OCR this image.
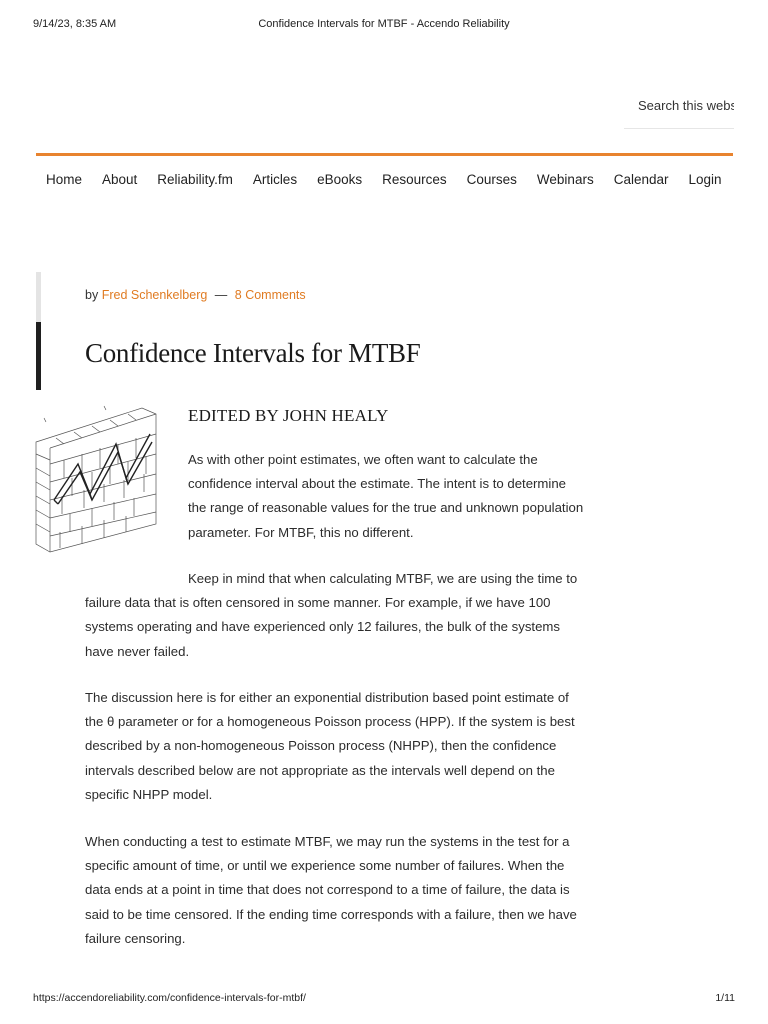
9/14/23, 8:35 AM	Confidence Intervals for MTBF - Accendo Reliability
Search this website
Home	About	Reliability.fm	Articles	eBooks	Resources	Courses	Webinars	Calendar	Login
by Fred Schenkelberg — 8 Comments
Confidence Intervals for MTBF
EDITED BY JOHN HEALY

As with other point estimates, we often want to calculate the confidence interval about the estimate. The intent is to determine the range of reasonable values for the true and unknown population parameter. For MTBF, this no different.

Keep in mind that when calculating MTBF, we are using the time to failure data that is often censored in some manner. For example, if we have 100 systems operating and have experienced only 12 failures, the bulk of the systems have never failed.

The discussion here is for either an exponential distribution based point estimate of the θ parameter or for a homogeneous Poisson process (HPP). If the system is best described by a non-homogeneous Poisson process (NHPP), then the confidence intervals described below are not appropriate as the intervals well depend on the specific NHPP model.

When conducting a test to estimate MTBF, we may run the systems in the test for a specific amount of time, or until we experience some number of failures. When the data ends at a point in time that does not correspond to a time of failure, the data is said to be time censored. If the ending time corresponds with a failure, then we have failure censoring.

https://accendoreliability.com/confidence-intervals-for-mtbf/	1/11
